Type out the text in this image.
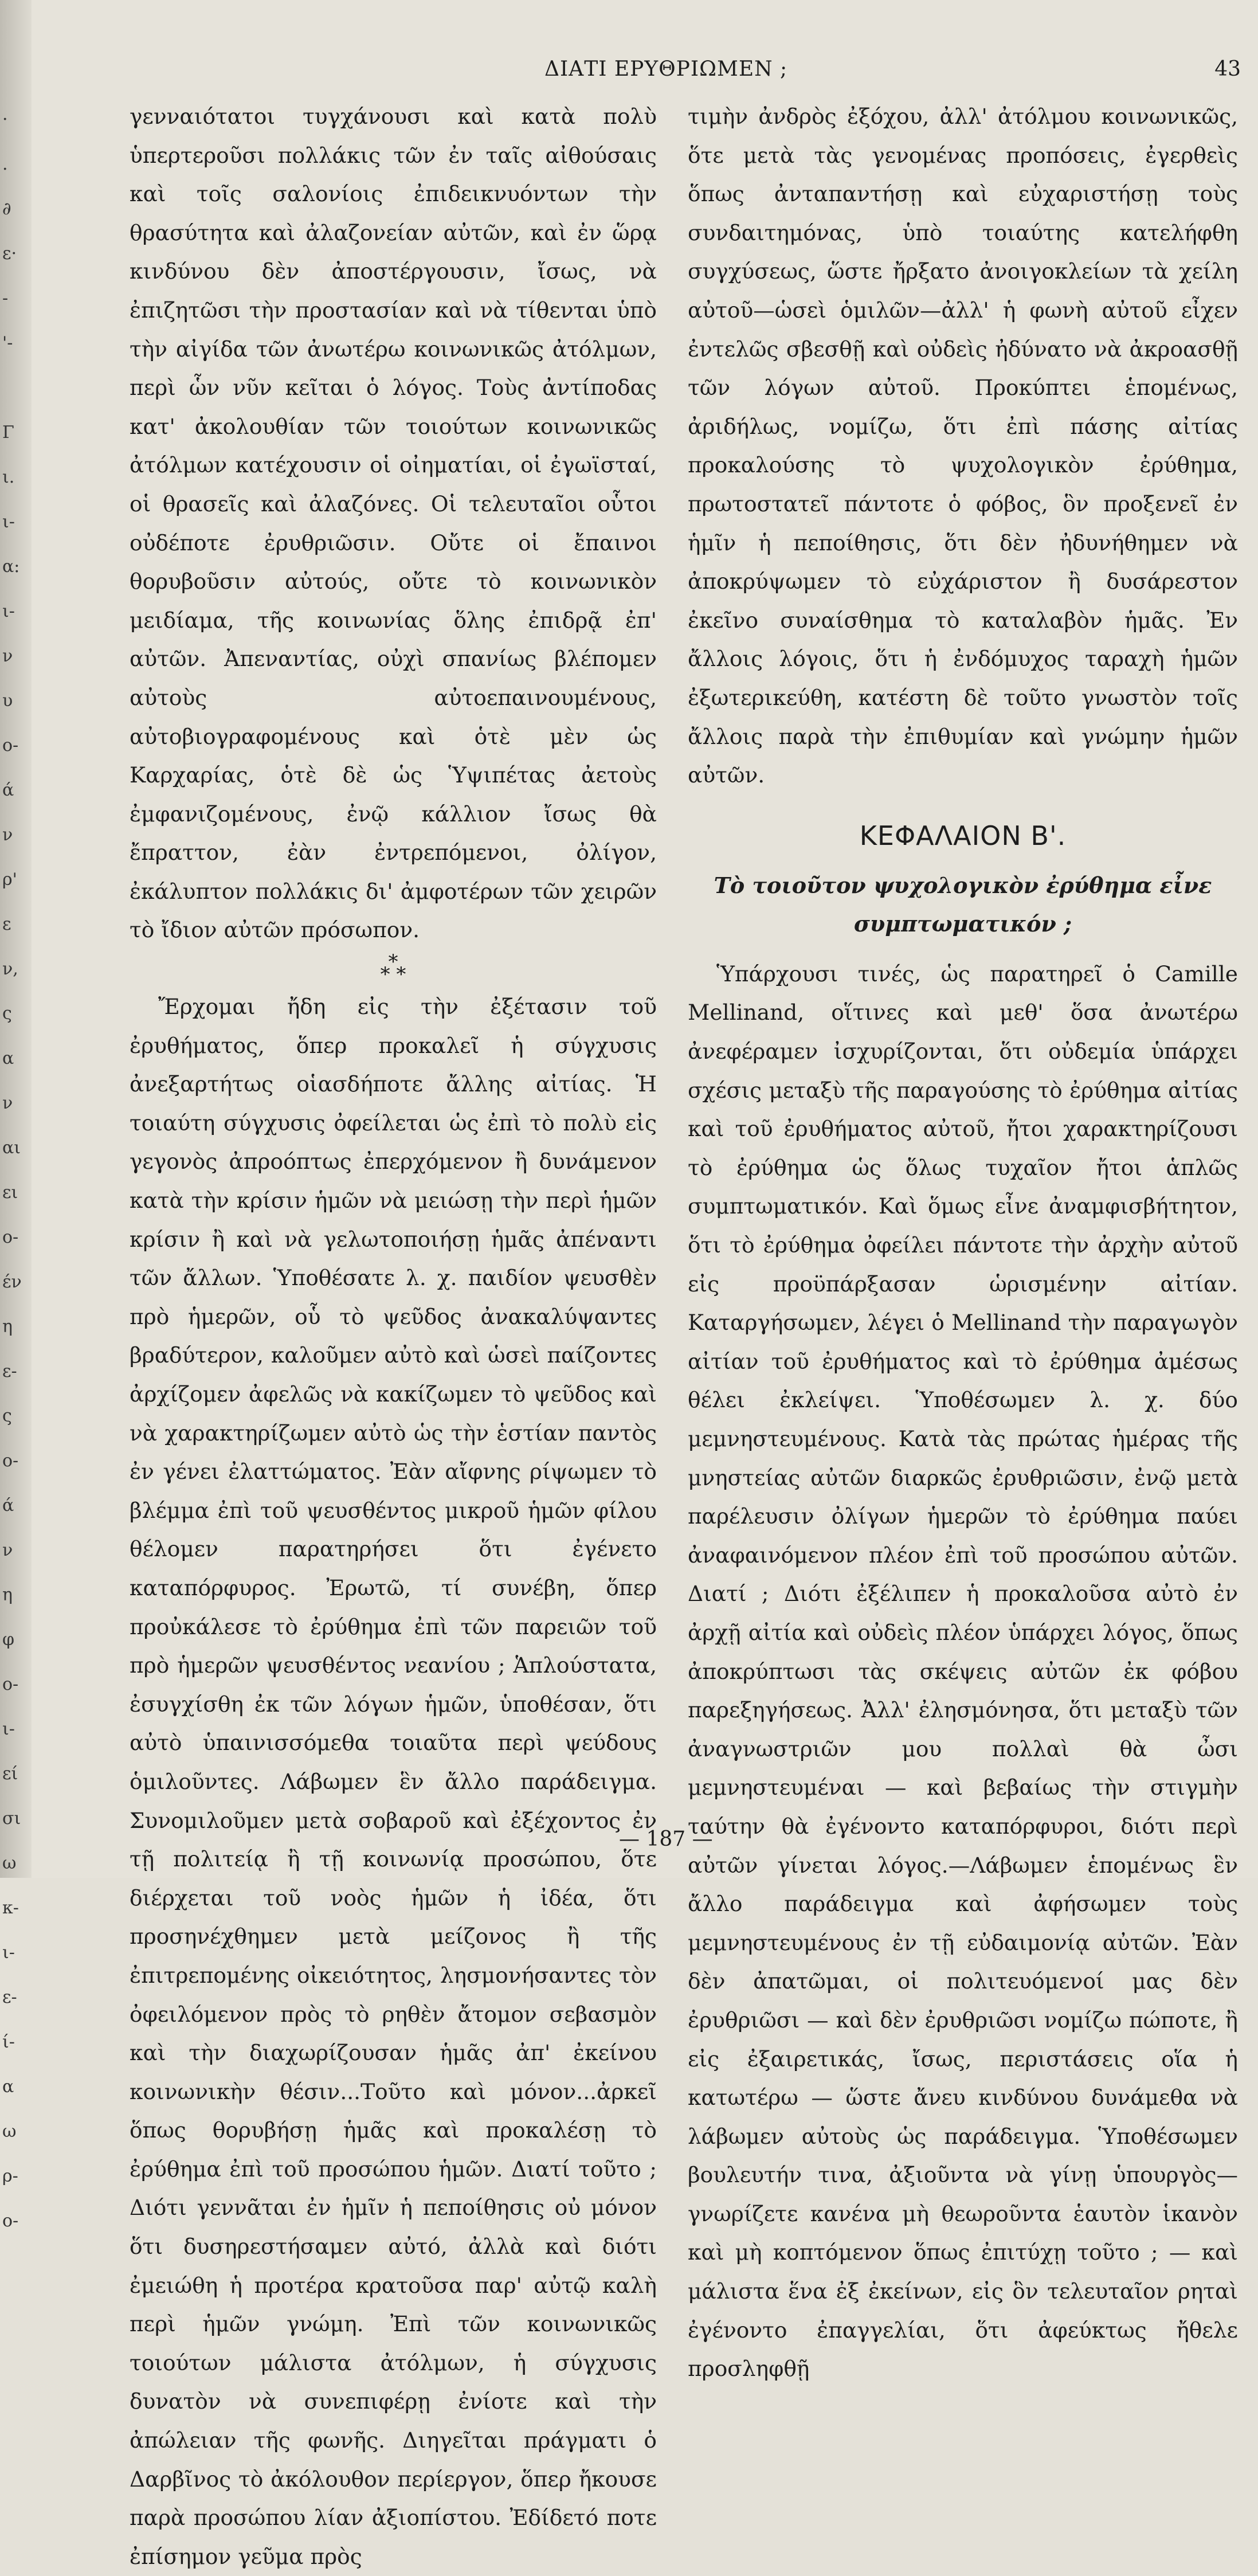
·
.
∂
ε·
-
'-

Γ
ι.
ι-
α:
ι-
ν
υ
ο-
ά
ν
ρ'
ε
ν,
ς
α
ν
αι
ει
ο-
έν
η
ε-
ς
ο-
ά
ν
η
φ
ο-
ι-
εί
σι
ω
κ-
ι-
ε-
ί-
α
ω
ρ-
ο-
ΔΙΑΤΙ ΕΡΥΘΡΙΩΜΕΝ ;	43

γενναιότατοι τυγχάνουσι καὶ κατὰ πολὺ ὑπερτεροῦσι πολλάκις τῶν ἐν ταῖς αἰθούσαις καὶ τοῖς σαλονίοις ἐπιδεικνυόντων τὴν θρασύτητα καὶ ἀλαζονείαν αὐτῶν, καὶ ἐν ὥρᾳ κινδύνου δὲν ἀποστέργουσιν, ἴσως, νὰ ἐπιζητῶσι τὴν προστασίαν καὶ νὰ τίθενται ὑπὸ τὴν αἰγίδα τῶν ἀνωτέρω κοινωνικῶς ἀτόλμων, περὶ ὧν νῦν κεῖται ὁ λόγος. Τοὺς ἀντίποδας κατ' ἀκολουθίαν τῶν τοιούτων κοινωνικῶς ἀτόλμων κατέχουσιν οἱ οἰηματίαι, οἱ ἐγωϊσταί, οἱ θρασεῖς καὶ ἀλαζόνες. Οἱ τελευταῖοι οὗτοι οὐδέποτε ἐρυθριῶσιν. Οὔτε οἱ ἔπαινοι θορυβοῦσιν αὐτούς, οὔτε τὸ κοινωνικὸν μειδίαμα, τῆς κοινωνίας ὅλης ἐπιδρᾷ ἐπ' αὐτῶν. Ἀπεναντίας, οὐχὶ σπανίως βλέπομεν αὐτοὺς αὐτοεπαινουμένους, αὐτοβιογραφομένους καὶ ὁτὲ μὲν ὡς Καρχαρίας, ὁτὲ δὲ ὡς Ὑψιπέτας ἀετοὺς ἐμφανιζομένους, ἐνῷ κάλλιον ἴσως θὰ ἔπραττον, ἐὰν ἐντρεπόμενοι, ὀλίγον, ἐκάλυπτον πολλάκις δι' ἀμφοτέρων τῶν χειρῶν τὸ ἴδιον αὐτῶν πρόσωπον.

*
* *

Ἔρχομαι ἤδη εἰς τὴν ἐξέτασιν τοῦ ἐρυθήματος, ὅπερ προκαλεῖ ἡ σύγχυσις ἀνεξαρτήτως οἱασδήποτε ἄλλης αἰτίας. Ἡ τοιαύτη σύγχυσις ὀφείλεται ὡς ἐπὶ τὸ πολὺ εἰς γεγονὸς ἀπροόπτως ἐπερχόμενον ἢ δυνάμενον κατὰ τὴν κρίσιν ἡμῶν νὰ μειώσῃ τὴν περὶ ἡμῶν κρίσιν ἢ καὶ νὰ γελωτοποιήσῃ ἡμᾶς ἀπέναντι τῶν ἄλλων. Ὑποθέσατε λ. χ. παιδίον ψευσθὲν πρὸ ἡμερῶν, οὗ τὸ ψεῦδος ἀνακαλύψαντες βραδύτερον, καλοῦμεν αὐτὸ καὶ ὡσεὶ παίζοντες ἀρχίζομεν ἀφελῶς νὰ κακίζωμεν τὸ ψεῦδος καὶ νὰ χαρακτηρίζωμεν αὐτὸ ὡς τὴν ἑστίαν παντὸς ἐν γένει ἐλαττώματος. Ἐὰν αἴφνης ρίψωμεν τὸ βλέμμα ἐπὶ τοῦ ψευσθέντος μικροῦ ἡμῶν φίλου θέλομεν παρατηρήσει ὅτι ἐγένετο καταπόρφυρος. Ἐρωτῶ, τί συνέβη, ὅπερ προὐκάλεσε τὸ ἐρύθημα ἐπὶ τῶν παρειῶν τοῦ πρὸ ἡμερῶν ψευσθέντος νεανίου ; Ἁπλούστατα, ἐσυγχίσθη ἐκ τῶν λόγων ἡμῶν, ὑποθέσαν, ὅτι αὐτὸ ὑπαινισσόμεθα τοιαῦτα περὶ ψεύδους ὁμιλοῦντες. Λάβωμεν ἓν ἄλλο παράδειγμα. Συνομιλοῦμεν μετὰ σοβαροῦ καὶ ἐξέχοντος ἐν τῇ πολιτείᾳ ἢ τῇ κοινωνίᾳ προσώπου, ὅτε διέρχεται τοῦ νοὸς ἡμῶν ἡ ἰδέα, ὅτι προσηνέχθημεν μετὰ μείζονος ἢ τῆς ἐπιτρεπομένης οἰκειότητος, λησμονήσαντες τὸν ὀφειλόμενον πρὸς τὸ ρηθὲν ἄτομον σεβασμὸν καὶ τὴν διαχωρίζουσαν ἡμᾶς ἀπ' ἐκείνου κοινωνικὴν θέσιν...Τοῦτο καὶ μόνον...ἀρκεῖ ὅπως θορυβήσῃ ἡμᾶς καὶ προκαλέσῃ τὸ ἐρύθημα ἐπὶ τοῦ προσώπου ἡμῶν. Διατί τοῦτο ; Διότι γεννᾶται ἐν ἡμῖν ἡ πεποίθησις οὐ μόνον ὅτι δυσηρεστήσαμεν αὐτό, ἀλλὰ καὶ διότι ἐμειώθη ἡ προτέρα κρατοῦσα παρ' αὐτῷ καλὴ περὶ ἡμῶν γνώμη. Ἐπὶ τῶν κοινωνικῶς τοιούτων μάλιστα ἀτόλμων, ἡ σύγχυσις δυνατὸν νὰ συνεπιφέρῃ ἐνίοτε καὶ τὴν ἀπώλειαν τῆς φωνῆς. Διηγεῖται πράγματι ὁ Δαρβῖνος τὸ ἀκόλουθον περίεργον, ὅπερ ἤκουσε παρὰ προσώπου λίαν ἀξιοπίστου. Ἐδίδετό ποτε ἐπίσημον γεῦμα πρὸς

τιμὴν ἀνδρὸς ἐξόχου, ἀλλ' ἀτόλμου κοινωνικῶς, ὅτε μετὰ τὰς γενομένας προπόσεις, ἐγερθεὶς ὅπως ἀνταπαντήσῃ καὶ εὐχαριστήσῃ τοὺς συνδαιτημόνας, ὑπὸ τοιαύτης κατελήφθη συγχύσεως, ὥστε ἤρξατο ἀνοιγοκλείων τὰ χείλη αὐτοῦ—ὡσεὶ ὁμιλῶν—ἀλλ' ἡ φωνὴ αὐτοῦ εἶχεν ἐντελῶς σβεσθῇ καὶ οὐδεὶς ἠδύνατο νὰ ἀκροασθῇ τῶν λόγων αὐτοῦ. Προκύπτει ἑπομένως, ἀριδήλως, νομίζω, ὅτι ἐπὶ πάσης αἰτίας προκαλούσης τὸ ψυχολογικὸν ἐρύθημα, πρωτοστατεῖ πάντοτε ὁ φόβος, ὃν προξενεῖ ἐν ἡμῖν ἡ πεποίθησις, ὅτι δὲν ἠδυνήθημεν νὰ ἀποκρύψωμεν τὸ εὐχάριστον ἢ δυσάρεστον ἐκεῖνο συναίσθημα τὸ καταλαβὸν ἡμᾶς. Ἐν ἄλλοις λόγοις, ὅτι ἡ ἐνδόμυχος ταραχὴ ἡμῶν ἐξωτερικεύθη, κατέστη δὲ τοῦτο γνωστὸν τοῖς ἄλλοις παρὰ τὴν ἐπιθυμίαν καὶ γνώμην ἡμῶν αὐτῶν.

ΚΕΦΑΛΑΙΟΝ Β'.
Τὸ τοιοῦτον ψυχολογικὸν ἐρύθημα εἶνε συμπτωματικόν ;

Ὑπάρχουσι τινές, ὡς παρατηρεῖ ὁ Camille Mellinand, οἵτινες καὶ μεθ' ὅσα ἀνωτέρω ἀνεφέραμεν ἰσχυρίζονται, ὅτι οὐδεμία ὑπάρχει σχέσις μεταξὺ τῆς παραγούσης τὸ ἐρύθημα αἰτίας καὶ τοῦ ἐρυθήματος αὐτοῦ, ἤτοι χαρακτηρίζουσι τὸ ἐρύθημα ὡς ὅλως τυχαῖον ἤτοι ἁπλῶς συμπτωματικόν. Καὶ ὅμως εἶνε ἀναμφισβήτητον, ὅτι τὸ ἐρύθημα ὀφείλει πάντοτε τὴν ἀρχὴν αὐτοῦ εἰς προϋπάρξασαν ὡρισμένην αἰτίαν. Καταργήσωμεν, λέγει ὁ Mellinand τὴν παραγωγὸν αἰτίαν τοῦ ἐρυθήματος καὶ τὸ ἐρύθημα ἀμέσως θέλει ἐκλείψει. Ὑποθέσωμεν λ. χ. δύο μεμνηστευμένους. Κατὰ τὰς πρώτας ἡμέρας τῆς μνηστείας αὐτῶν διαρκῶς ἐρυθριῶσιν, ἐνῷ μετὰ παρέλευσιν ὀλίγων ἡμερῶν τὸ ἐρύθημα παύει ἀναφαινόμενον πλέον ἐπὶ τοῦ προσώπου αὐτῶν. Διατί ; Διότι ἐξέλιπεν ἡ προκαλοῦσα αὐτὸ ἐν ἀρχῇ αἰτία καὶ οὐδεὶς πλέον ὑπάρχει λόγος, ὅπως ἀποκρύπτωσι τὰς σκέψεις αὐτῶν ἐκ φόβου παρεξηγήσεως. Ἀλλ' ἐλησμόνησα, ὅτι μεταξὺ τῶν ἀναγνωστριῶν μου πολλαὶ θὰ ὦσι μεμνηστευμέναι — καὶ βεβαίως τὴν στιγμὴν ταύτην θὰ ἐγένοντο καταπόρφυροι, διότι περὶ αὐτῶν γίνεται λόγος.—Λάβωμεν ἑπομένως ἓν ἄλλο παράδειγμα καὶ ἀφήσωμεν τοὺς μεμνηστευμένους ἐν τῇ εὐδαιμονίᾳ αὐτῶν. Ἐὰν δὲν ἀπατῶμαι, οἱ πολιτευόμενοί μας δὲν ἐρυθριῶσι — καὶ δὲν ἐρυθριῶσι νομίζω πώποτε, ἢ εἰς ἐξαιρετικάς, ἴσως, περιστάσεις οἵα ἡ κατωτέρω — ὥστε ἄνευ κινδύνου δυνάμεθα νὰ λάβωμεν αὐτοὺς ὡς παράδειγμα. Ὑποθέσωμεν βουλευτήν τινα, ἀξιοῦντα νὰ γίνῃ ὑπουργὸς—γνωρίζετε κανένα μὴ θεωροῦντα ἑαυτὸν ἱκανὸν καὶ μὴ κοπτόμενον ὅπως ἐπιτύχῃ τοῦτο ; — καὶ μάλιστα ἕνα ἐξ ἐκείνων, εἰς ὃν τελευταῖον ρηταὶ ἐγένοντο ἐπαγγελίαι, ὅτι ἀφεύκτως ἤθελε προσληφθῇ

— 187 —
